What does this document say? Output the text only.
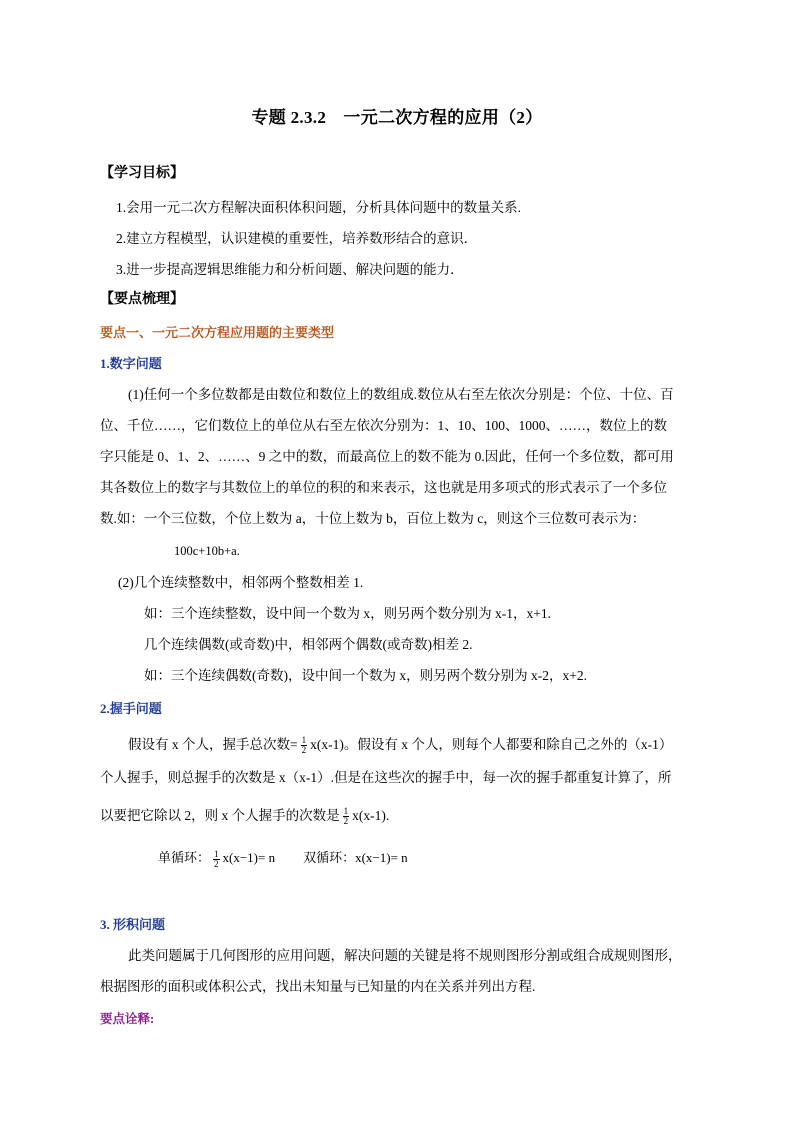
专题 2.3.2　一元二次方程的应用（2）
【学习目标】
1.会用一元二次方程解决面积体积问题，分析具体问题中的数量关系.
2.建立方程模型，认识建模的重要性，培养数形结合的意识．
3.进一步提高逻辑思维能力和分析问题、解决问题的能力．
【要点梳理】
要点一、一元二次方程应用题的主要类型
1.数字问题
(1)任何一个多位数都是由数位和数位上的数组成.数位从右至左依次分别是：个位、十位、百
位、千位……，它们数位上的单位从右至左依次分别为：1、10、100、1000、……，数位上的数
字只能是 0、1、2、……、9 之中的数，而最高位上的数不能为 0.因此，任何一个多位数，都可用
其各数位上的数字与其数位上的单位的积的和来表示，这也就是用多项式的形式表示了一个多位
数.如：一个三位数，个位上数为 a，十位上数为 b，百位上数为 c，则这个三位数可表示为：
100c+10b+a.
(2)几个连续整数中，相邻两个整数相差 1.
如：三个连续整数，设中间一个数为 x，则另两个数分别为 x-1，x+1.
几个连续偶数(或奇数)中，相邻两个偶数(或奇数)相差 2.
如：三个连续偶数(奇数)，设中间一个数为 x，则另两个数分别为 x-2，x+2.
2.握手问题
假设有 x 个人，握手总次数= $\frac{1}{2} x(x-1)$。假设有 x 个人，则每个人都要和除自己之外的（x-1）
个人握手，则总握手的次数是 x（x-1）.但是在这些次的握手中，每一次的握手都重复计算了，所
以要把它除以 2，则 x 个人握手的次数是 $\frac{1}{2} x(x-1)$.
单循环： $\frac{1}{2} x(x-1)= n$ 双循环：x(x−1)= n
3. 形积问题
此类问题属于几何图形的应用问题，解决问题的关键是将不规则图形分割或组合成规则图形，
根据图形的面积或体积公式，找出未知量与已知量的内在关系并列出方程.
要点诠释:
